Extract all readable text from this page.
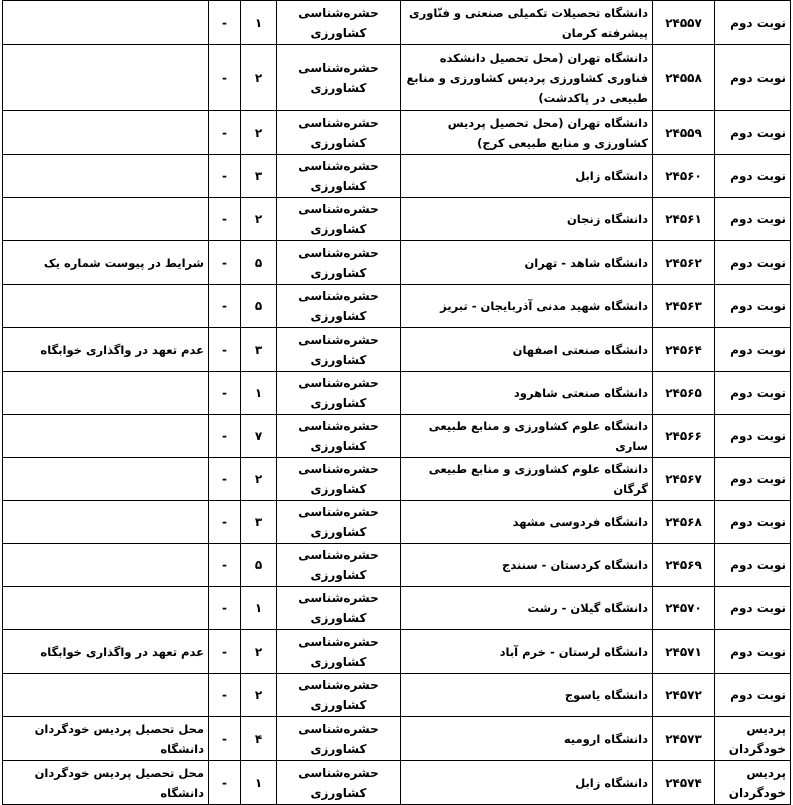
نوبت دوم	۲۴۵۵۷	دانشگاه تحصیلات تکمیلی صنعتی و فنّاوری پیشرفته کرمان	حشره‌شناسی کشاورزی	۱	-	
نوبت دوم	۲۴۵۵۸	دانشگاه تهران (محل تحصیل دانشکده فناوری کشاورزی پردیس کشاورزی و منابع طبیعی در پاکدشت)	حشره‌شناسی کشاورزی	۲	-	
نوبت دوم	۲۴۵۵۹	دانشگاه تهران (محل تحصیل پردیس کشاورزی و منابع طبیعی کرج)	حشره‌شناسی کشاورزی	۲	-	
نوبت دوم	۲۴۵۶۰	دانشگاه زابل	حشره‌شناسی کشاورزی	۳	-	
نوبت دوم	۲۴۵۶۱	دانشگاه زنجان	حشره‌شناسی کشاورزی	۲	-	
نوبت دوم	۲۴۵۶۲	دانشگاه شاهد - تهران	حشره‌شناسی کشاورزی	۵	-	شرایط در پیوست شماره یک
نوبت دوم	۲۴۵۶۳	دانشگاه شهید مدنی آذربایجان - تبریز	حشره‌شناسی کشاورزی	۵	-	
نوبت دوم	۲۴۵۶۴	دانشگاه صنعتی اصفهان	حشره‌شناسی کشاورزی	۳	-	عدم تعهد در واگذاری خوابگاه
نوبت دوم	۲۴۵۶۵	دانشگاه صنعتی شاهرود	حشره‌شناسی کشاورزی	۱	-	
نوبت دوم	۲۴۵۶۶	دانشگاه علوم کشاورزی و منابع طبیعی ساری	حشره‌شناسی کشاورزی	۷	-	
نوبت دوم	۲۴۵۶۷	دانشگاه علوم کشاورزی و منابع طبیعی گرگان	حشره‌شناسی کشاورزی	۲	-	
نوبت دوم	۲۴۵۶۸	دانشگاه فردوسی مشهد	حشره‌شناسی کشاورزی	۳	-	
نوبت دوم	۲۴۵۶۹	دانشگاه کردستان - سنندج	حشره‌شناسی کشاورزی	۵	-	
نوبت دوم	۲۴۵۷۰	دانشگاه گیلان - رشت	حشره‌شناسی کشاورزی	۱	-	
نوبت دوم	۲۴۵۷۱	دانشگاه لرستان - خرم آباد	حشره‌شناسی کشاورزی	۲	-	عدم تعهد در واگذاری خوابگاه
نوبت دوم	۲۴۵۷۲	دانشگاه یاسوج	حشره‌شناسی کشاورزی	۲	-	
پردیس خودگردان	۲۴۵۷۳	دانشگاه ارومیه	حشره‌شناسی کشاورزی	۴	-	محل تحصیل پردیس خودگردان دانشگاه
پردیس خودگردان	۲۴۵۷۴	دانشگاه زابل	حشره‌شناسی کشاورزی	۱	-	محل تحصیل پردیس خودگردان دانشگاه
